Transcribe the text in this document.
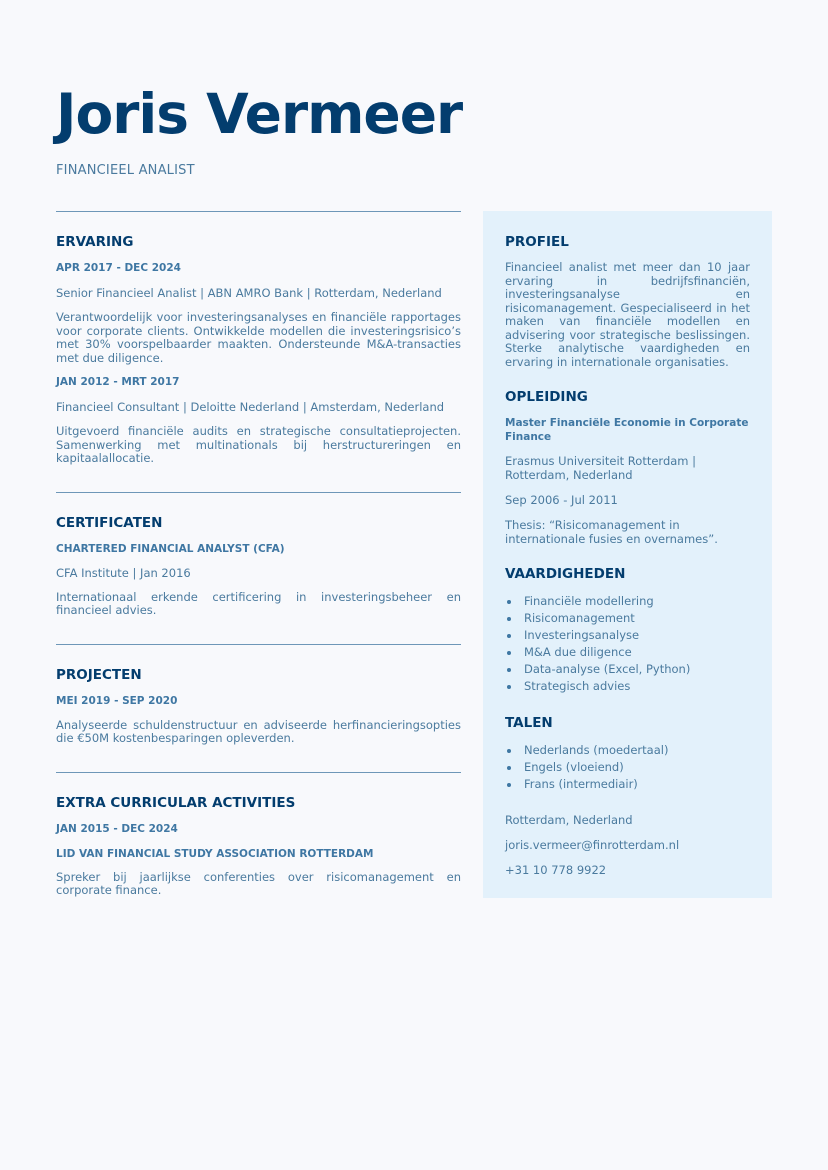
Joris Vermeer
FINANCIEEL ANALIST
ERVARING
APR 2017 - DEC 2024
Senior Financieel Analist | ABN AMRO Bank | Rotterdam, Nederland
Verantwoordelijk voor investeringsanalyses en financiële rapportages voor corporate clients. Ontwikkelde modellen die investeringsrisico’s met 30% voorspelbaarder maakten. Ondersteunde M&A-transacties met due diligence.
JAN 2012 - MRT 2017
Financieel Consultant | Deloitte Nederland | Amsterdam, Nederland
Uitgevoerd financiële audits en strategische consultatieprojecten. Samenwerking met multinationals bij herstructureringen en kapitaalallocatie.
CERTIFICATEN
CHARTERED FINANCIAL ANALYST (CFA)
CFA Institute | Jan 2016
Internationaal erkende certificering in investeringsbeheer en financieel advies.
PROJECTEN
MEI 2019 - SEP 2020
Analyseerde schuldenstructuur en adviseerde herfinancieringsopties die €50M kostenbesparingen opleverden.
EXTRA CURRICULAR ACTIVITIES
JAN 2015 - DEC 2024
LID VAN FINANCIAL STUDY ASSOCIATION ROTTERDAM
Spreker bij jaarlijkse conferenties over risicomanagement en corporate finance.
PROFIEL
Financieel analist met meer dan 10 jaar ervaring in bedrijfsfinanciën, investeringsanalyse en risicomanagement. Gespecialiseerd in het maken van financiële modellen en advisering voor strategische beslissingen. Sterke analytische vaardigheden en ervaring in internationale organisaties.
OPLEIDING
Master Financiële Economie in Corporate Finance
Erasmus Universiteit Rotterdam | Rotterdam, Nederland
Sep 2006 - Jul 2011
Thesis: “Risicomanagement in internationale fusies en overnames”.
VAARDIGHEDEN
Financiële modellering
Risicomanagement
Investeringsanalyse
M&A due diligence
Data-analyse (Excel, Python)
Strategisch advies
TALEN
Nederlands (moedertaal)
Engels (vloeiend)
Frans (intermediair)
Rotterdam, Nederland
joris.vermeer@finrotterdam.nl
+31 10 778 9922
